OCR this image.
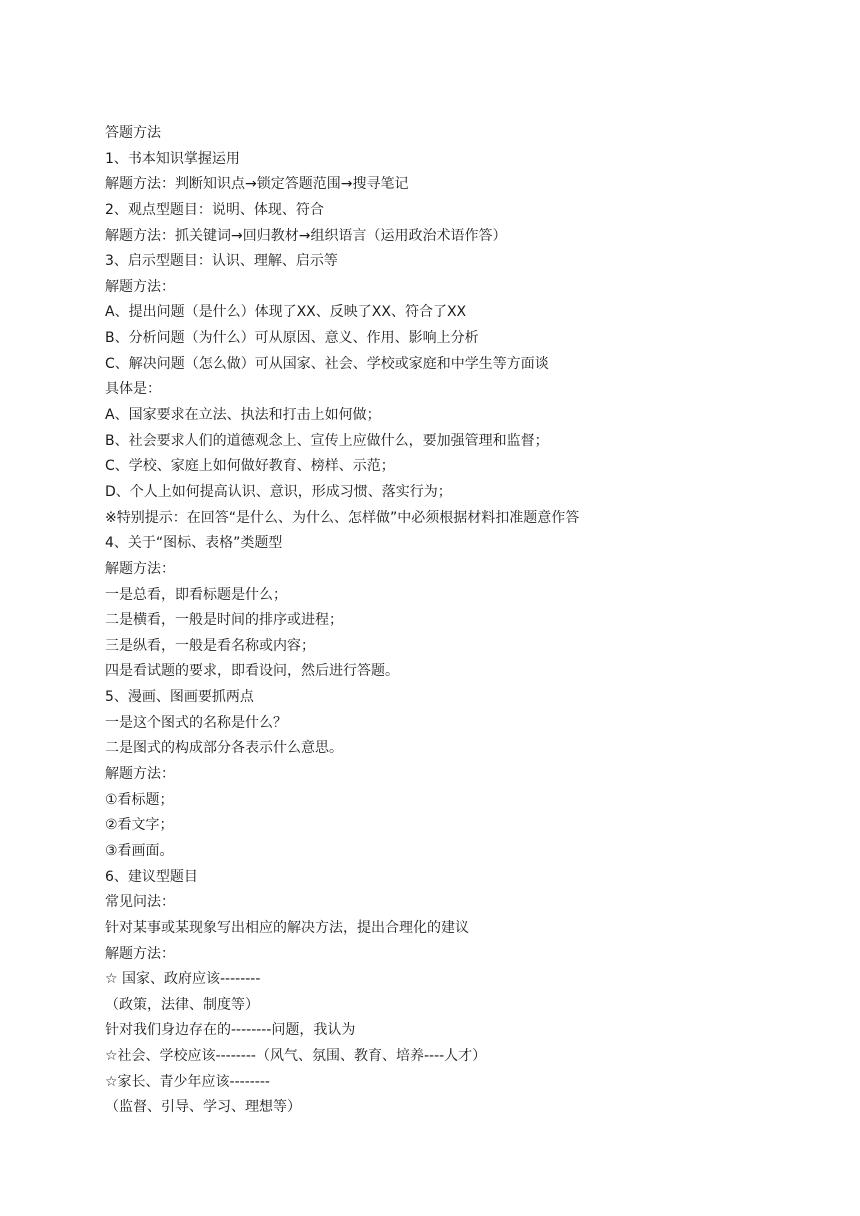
答题方法

1、书本知识掌握运用

解题方法：判断知识点→锁定答题范围→搜寻笔记

2、观点型题目：说明、体现、符合

解题方法：抓关键词→回归教材→组织语言（运用政治术语作答）

3、启示型题目：认识、理解、启示等

解题方法：

A、提出问题（是什么）体现了XX、反映了XX、符合了XX

B、分析问题（为什么）可从原因、意义、作用、影响上分析

C、解决问题（怎么做）可从国家、社会、学校或家庭和中学生等方面谈

具体是：

A、国家要求在立法、执法和打击上如何做；

B、社会要求人们的道德观念上、宣传上应做什么，要加强管理和监督；

C、学校、家庭上如何做好教育、榜样、示范；

D、个人上如何提高认识、意识，形成习惯、落实行为；

※特别提示：在回答“是什么、为什么、怎样做”中必须根据材料扣准题意作答

4、关于“图标、表格”类题型

解题方法：

一是总看，即看标题是什么；

二是横看，一般是时间的排序或进程；

三是纵看，一般是看名称或内容；

四是看试题的要求，即看设问，然后进行答题。

5、漫画、图画要抓两点

一是这个图式的名称是什么？

二是图式的构成部分各表示什么意思。

解题方法：

①看标题；

②看文字；

③看画面。

6、建议型题目

常见问法：

针对某事或某现象写出相应的解决方法，提出合理化的建议

解题方法：

☆ 国家、政府应该--------

（政策，法律、制度等）

针对我们身边存在的--------问题，我认为

☆社会、学校应该--------（风气、氛围、教育、培养----人才）

☆家长、青少年应该--------

（监督、引导、学习、理想等）
